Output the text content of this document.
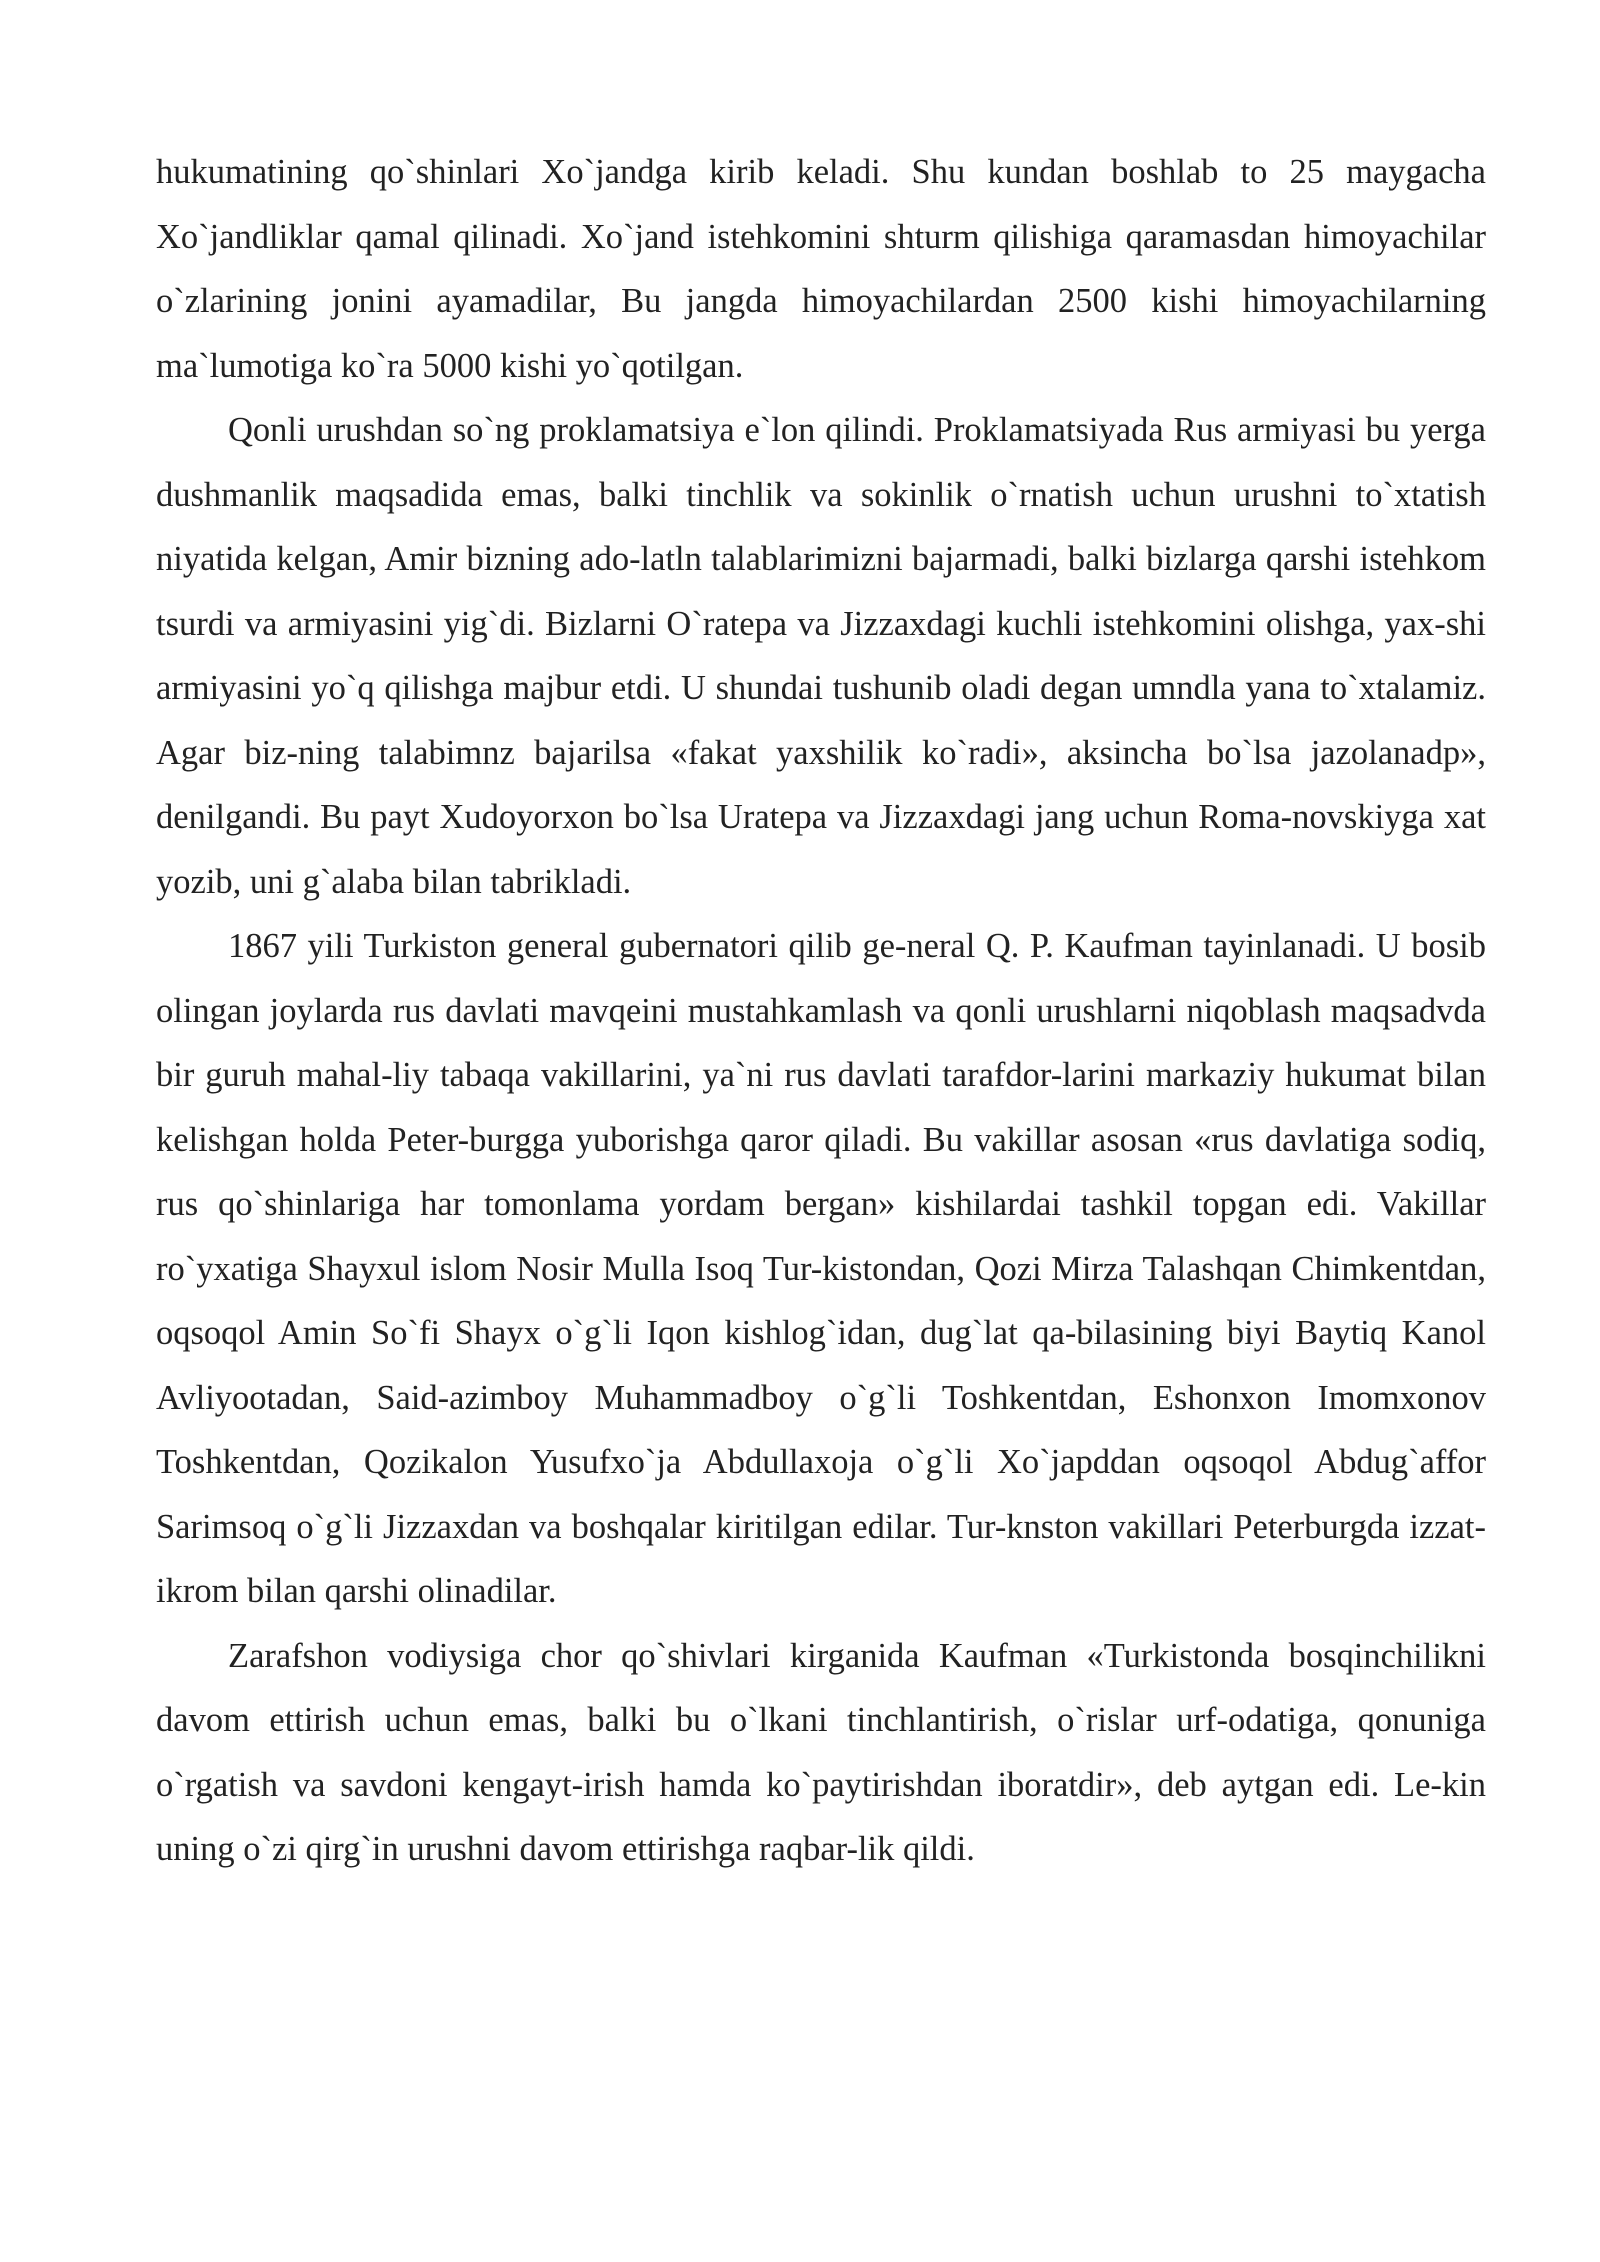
hukumatining qo`shinlari Xo`jandga kirib keladi. Shu kundan boshlab to 25 maygacha Xo`jandliklar qamal qilinadi. Xo`jand istehkomini shturm qilishiga qaramasdan himoyachilar o`zlarining jonini ayamadilar, Bu jangda himoyachilardan 2500 kishi himoyachilarning ma`lumotiga ko`ra 5000 kishi yo`qotilgan.

Qonli urushdan so`ng proklamatsiya e`lon qilindi. Proklamatsiyada Rus armiyasi bu yerga dushmanlik maqsadida emas, balki tinchlik va sokinlik o`rnatish uchun urushni to`xtatish niyatida kelgan, Amir bizning ado-latln talablarimizni bajarmadi, balki bizlarga qarshi istehkom tsurdi va armiyasini yig`di. Bizlarni O`ratepa va Jizzaxdagi kuchli istehkomini olishga, yax-shi armiyasini yo`q qilishga majbur etdi. U shundai tushunib oladi degan umndla yana to`xtalamiz. Agar biz-ning talabimnz bajarilsa «fakat yaxshilik ko`radi», aksincha bo`lsa jazolanadp», denilgandi. Bu payt Xudoyorxon bo`lsa Uratepa va Jizzaxdagi jang uchun Roma-novskiyga xat yozib, uni g`alaba bilan tabrikladi.

1867 yili Turkiston general gubernatori qilib ge-neral Q. P. Kaufman tayinlanadi. U bosib olingan joylarda rus davlati mavqeini mustahkamlash va qonli urushlarni niqoblash maqsadvda bir guruh mahal-liy tabaqa vakillarini, ya`ni rus davlati tarafdor-larini markaziy hukumat bilan kelishgan holda Peter-burgga yuborishga qaror qiladi. Bu vakillar asosan «rus davlatiga sodiq, rus qo`shinlariga har tomonlama yordam bergan» kishilardai tashkil topgan edi. Vakillar ro`yxatiga Shayxul islom Nosir Mulla Isoq Tur-kistondan, Qozi Mirza Talashqan Chimkentdan, oqsoqol Amin So`fi Shayx o`g`li Iqon kishlog`idan, dug`lat qa-bilasining biyi Baytiq Kanol Avliyootadan, Said-azimboy Muhammadboy o`g`li Toshkentdan, Eshonxon Imomxonov Toshkentdan, Qozikalon Yusufxo`ja Abdullaxoja o`g`li Xo`japddan oqsoqol Abdug`affor Sarimsoq o`g`li Jizzaxdan va boshqalar kiritilgan edilar. Tur-knston vakillari Peterburgda izzat-ikrom bilan qarshi olinadilar.

Zarafshon vodiysiga chor qo`shivlari kirganida Kaufman «Turkistonda bosqinchilikni davom ettirish uchun emas, balki bu o`lkani tinchlantirish, o`rislar urf-odatiga, qonuniga o`rgatish va savdoni kengayt-irish hamda ko`paytirishdan iboratdir», deb aytgan edi. Le-kin uning o`zi qirg`in urushni davom ettirishga raqbar-lik qildi.
